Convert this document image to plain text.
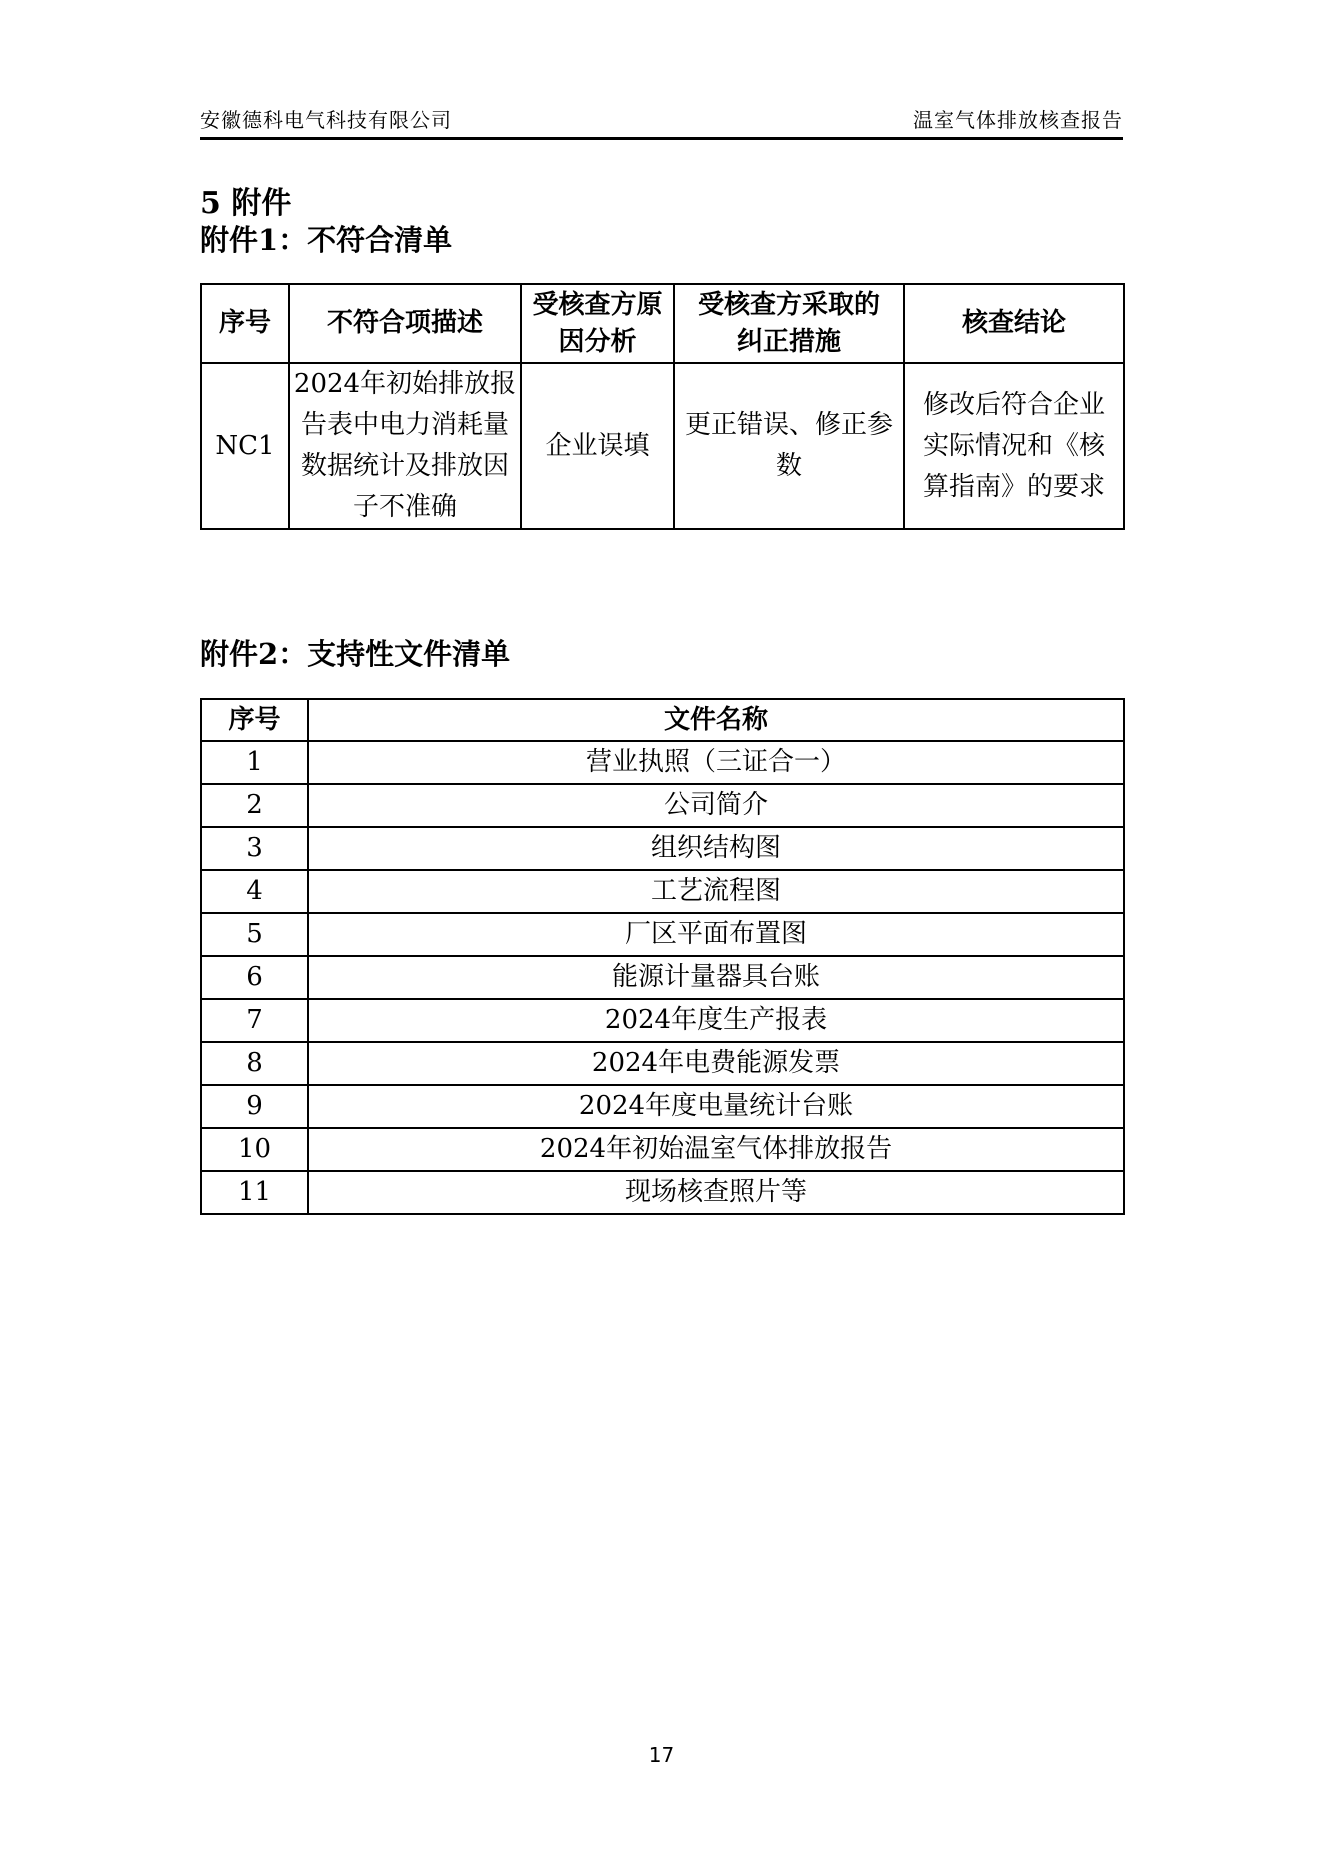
安徽德科电气科技有限公司	温室气体排放核查报告
5 附件
附件1：不符合清单
序号	不符合项描述	受核查方原因分析	受核查方采取的纠正措施	核查结论
NC1	2024年初始排放报告表中电力消耗量数据统计及排放因子不准确	企业误填	更正错误、修正参数	修改后符合企业实际情况和《核算指南》的要求
附件2：支持性文件清单
序号	文件名称
1	营业执照（三证合一）
2	公司简介
3	组织结构图
4	工艺流程图
5	厂区平面布置图
6	能源计量器具台账
7	2024年度生产报表
8	2024年电费能源发票
9	2024年度电量统计台账
10	2024年初始温室气体排放报告
11	现场核查照片等
17
